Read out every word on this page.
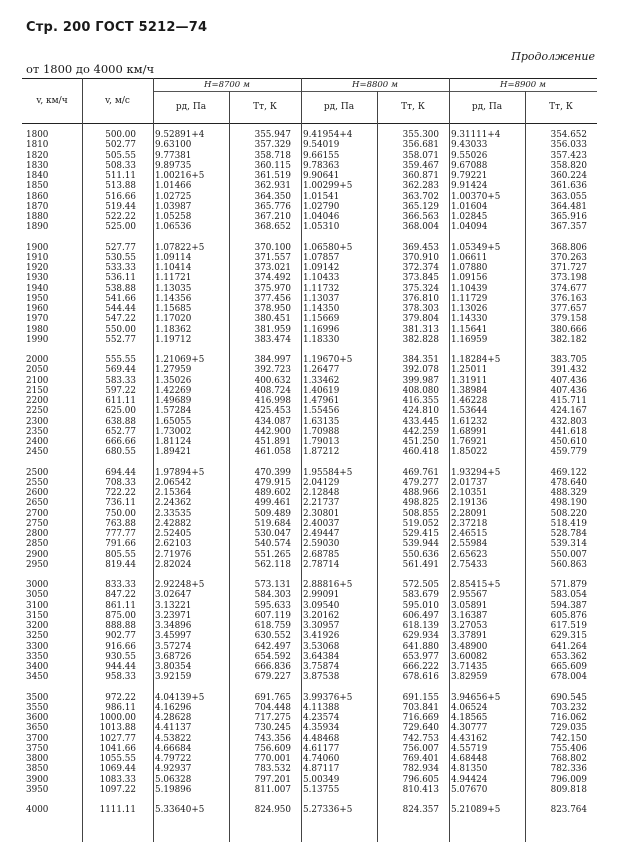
Стр. 200 ГОСТ 5212—74
Продолжение
от 1800 до 4000 км/ч
H=8700 м	H=8800 м	H=8900 м
v, км/ч	v, м/с
pд, Па	Tт, К	pд, Па	Tт, К	pд, Па	Tт, К
1800	500.00 9.52891+4	355.947 9.41954+4	355.300 9.31111+4	354.652
1810	502.77 9.63100	357.329 9.54019	356.681 9.43033	356.033
1820	505.55 9.77381	358.718 9.66155	358.071 9.55026	357.423
1830	508.33 9.89735	360.115 9.78363	359.467 9.67088	358.820
1840	511.11 1.00216+5	361.519 9.90641	360.871 9.79221	360.224
1850	513.88 1.01466	362.931 1.00299+5	362.283 9.91424	361.636
1860	516.66 1.02725	364.350 1.01541	363.702 1.00370+5	363.055
1870	519.44 1.03987	365.776 1.02790	365.129 1.01604	364.481
1880	522.22 1.05258	367.210 1.04046	366.563 1.02845	365.916
1890	525.00 1.06536	368.652 1.05310	368.004 1.04094	367.357
1900	527.77 1.07822+5	370.100 1.06580+5	369.453 1.05349+5	368.806
1910	530.55 1.09114	371.557 1.07857	370.910 1.06611	370.263
1920	533.33 1.10414	373.021 1.09142	372.374 1.07880	371.727
1930	536.11 1.11721	374.492 1.10433	373.845 1.09156	373.198
1940	538.88 1.13035	375.970 1.11732	375.324 1.10439	374.677
1950	541.66 1.14356	377.456 1.13037	376.810 1.11729	376.163
1960	544.44 1.15685	378.950 1.14350	378.303 1.13026	377.657
1970	547.22 1.17020	380.451 1.15669	379.804 1.14330	379.158
1980	550.00 1.18362	381.959 1.16996	381.313 1.15641	380.666
1990	552.77 1.19712	383.474 1.18330	382.828 1.16959	382.182
2000	555.55 1.21069+5	384.997 1.19670+5	384.351 1.18284+5	383.705
2050	569.44 1.27959	392.723 1.26477	392.078 1.25011	391.432
2100	583.33 1.35026	400.632 1.33462	399.987 1.31911	407.436
2150	597.22 1.42269	408.724 1.40619	408.080 1.38984	407.436
2200	611.11 1.49689	416.998 1.47961	416.355 1.46228	415.711
2250	625.00 1.57284	425.453 1.55456	424.810 1.53644	424.167
2300	638.88 1.65055	434.087 1.63135	433.445 1.61232	432.803
2350	652.77 1.73002	442.900 1.70988	442.259 1.68991	441.618
2400	666.66 1.81124	451.891 1.79013	451.250 1.76921	450.610
2450	680.55 1.89421	461.058 1.87212	460.418 1.85022	459.779
2500	694.44 1.97894+5	470.399 1.95584+5	469.761 1.93294+5	469.122
2550	708.33 2.06542	479.915 2.04129	479.277 2.01737	478.640
2600	722.22 2.15364	489.602 2.12848	488.966 2.10351	488.329
2650	736.11 2.24362	499.461 2.21737	498.825 2.19136	498.190
2700	750.00 2.33535	509.489 2.30801	508.855 2.28091	508.220
2750	763.88 2.42882	519.684 2.40037	519.052 2.37218	518.419
2800	777.77 2.52405	530.047 2.49447	529.415 2.46515	528.784
2850	791.66 2.62103	540.574 2.59030	539.944 2.55984	539.314
2900	805.55 2.71976	551.265 2.68785	550.636 2.65623	550.007
2950	819.44 2.82024	562.118 2.78714	561.491 2.75433	560.863
3000	833.33 2.92248+5	573.131 2.88816+5	572.505 2.85415+5	571.879
3050	847.22 3.02647	584.303 2.99091	583.679 2.95567	583.054
3100	861.11 3.13221	595.633 3.09540	595.010 3.05891	594.387
3150	875.00 3.23971	607.119 3.20162	606.497 3.16387	605.876
3200	888.88 3.34896	618.759 3.30957	618.139 3.27053	617.519
3250	902.77 3.45997	630.552 3.41926	629.934 3.37891	629.315
3300	916.66 3.57274	642.497 3.53068	641.880 3.48900	641.264
3350	930.55 3.68726	654.592 3.64384	653.977 3.60082	653.362
3400	944.44 3.80354	666.836 3.75874	666.222 3.71435	665.609
3450	958.33 3.92159	679.227 3.87538	678.616 3.82959	678.004
3500	972.22 4.04139+5	691.765 3.99376+5	691.155 3.94656+5	690.545
3550	986.11 4.16296	704.448 4.11388	703.841 4.06524	703.232
3600	1000.00 4.28628	717.275 4.23574	716.669 4.18565	716.062
3650	1013.88 4.41137	730.245 4.35934	729.640 4.30777	729.035
3700	1027.77 4.53822	743.356 4.48468	742.753 4.43162	742.150
3750	1041.66 4.66684	756.609 4.61177	756.007 4.55719	755.406
3800	1055.55 4.79722	770.001 4.74060	769.401 4.68448	768.802
3850	1069.44 4.92937	783.532 4.87117	782.934 4.81350	782.336
3900	1083.33 5.06328	797.201 5.00349	796.605 4.94424	796.009
3950	1097.22 5.19896	811.007 5.13755	810.413 5.07670	809.818
4000	1111.11 5.33640+5	824.950 5.27336+5	824.357 5.21089+5	823.764
